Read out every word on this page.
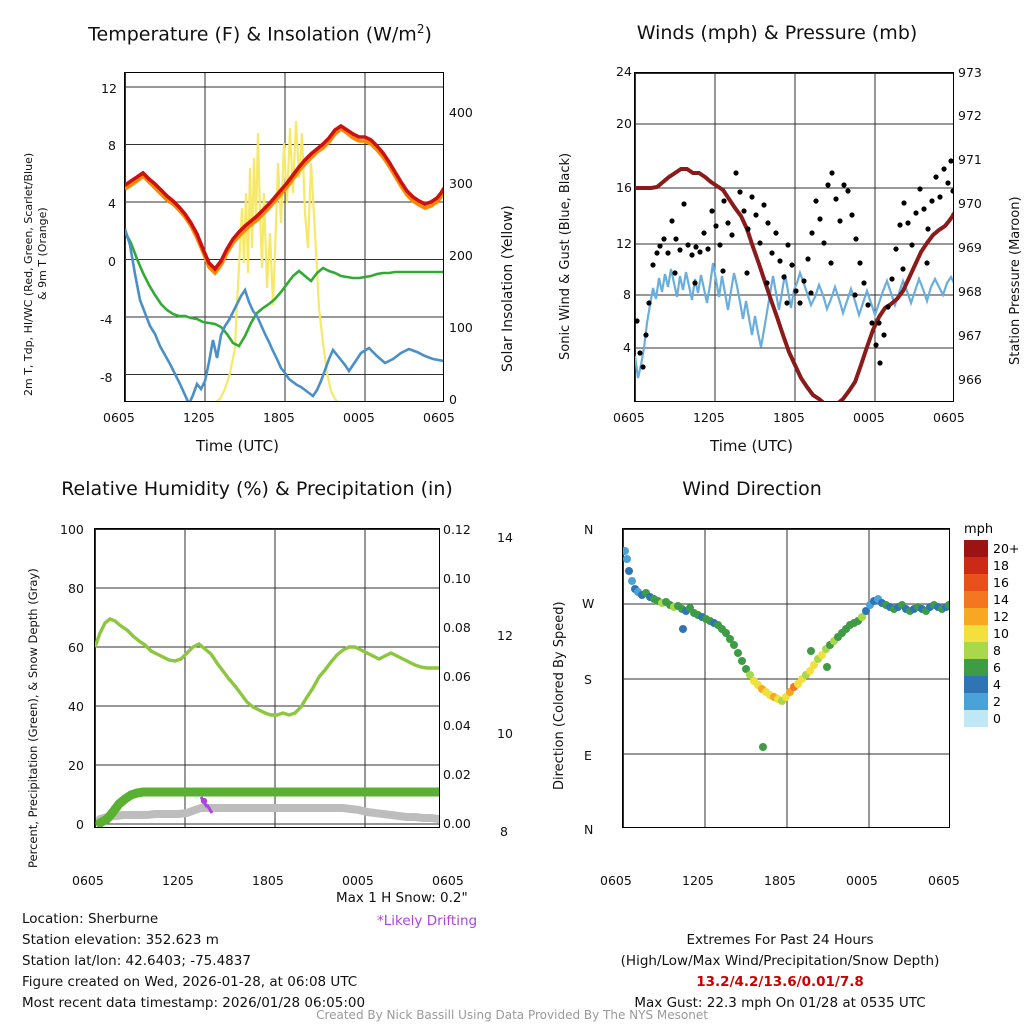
Temperature (F) & Insolation $(W/m^2)$
2m T, Tdp, HI/WC (Red, Green, Scarlet/Blue) & 9m T (Orange)	Solar Insolation (Yellow)
Time (UTC)
12
8
4
0
-4
-8
400
300
200
100
0
0605	1205	1805	0005	0605
Winds (mph) & Pressure (mb)
Sonic Wind & Gust (Blue, Black)	Station Pressure (Maroon)
Time (UTC)
24
20
16
12
8
4
973
972
971
970
969
968
967
966
0605	1205	1805	0005	0605
Relative Humidity (%) & Precipitation (in)
Percent, Precipitation (Green), & Snow Depth (Gray)
100
80
60
40
20
0
0.12
0.10
0.08
0.06
0.04
0.02
0.00
14
12
10
8
0605	1205	1805	0005	0605
Max 1 H Snow: 0.2"
*Likely Drifting
Wind Direction
Direction (Colored By Speed)
N
W
S
E
N
0605	1205	1805	0005	0605
mph
	20+
	18
	16
	14
	12
	10
	8
	6
	4
	2
	0
Location: Sherburne
Station elevation: 352.623 m
Station lat/lon: 42.6403; -75.4837
Figure created on Wed, 2026-01-28, at 06:08 UTC
Most recent data timestamp: 2026/01/28 06:05:00
Extremes For Past 24 Hours
(High/Low/Max Wind/Precipitation/Snow Depth)
13.2/4.2/13.6/0.01/7.8
Max Gust: 22.3 mph On 01/28 at 0535 UTC
Created By Nick Bassill Using Data Provided By The NYS Mesonet
